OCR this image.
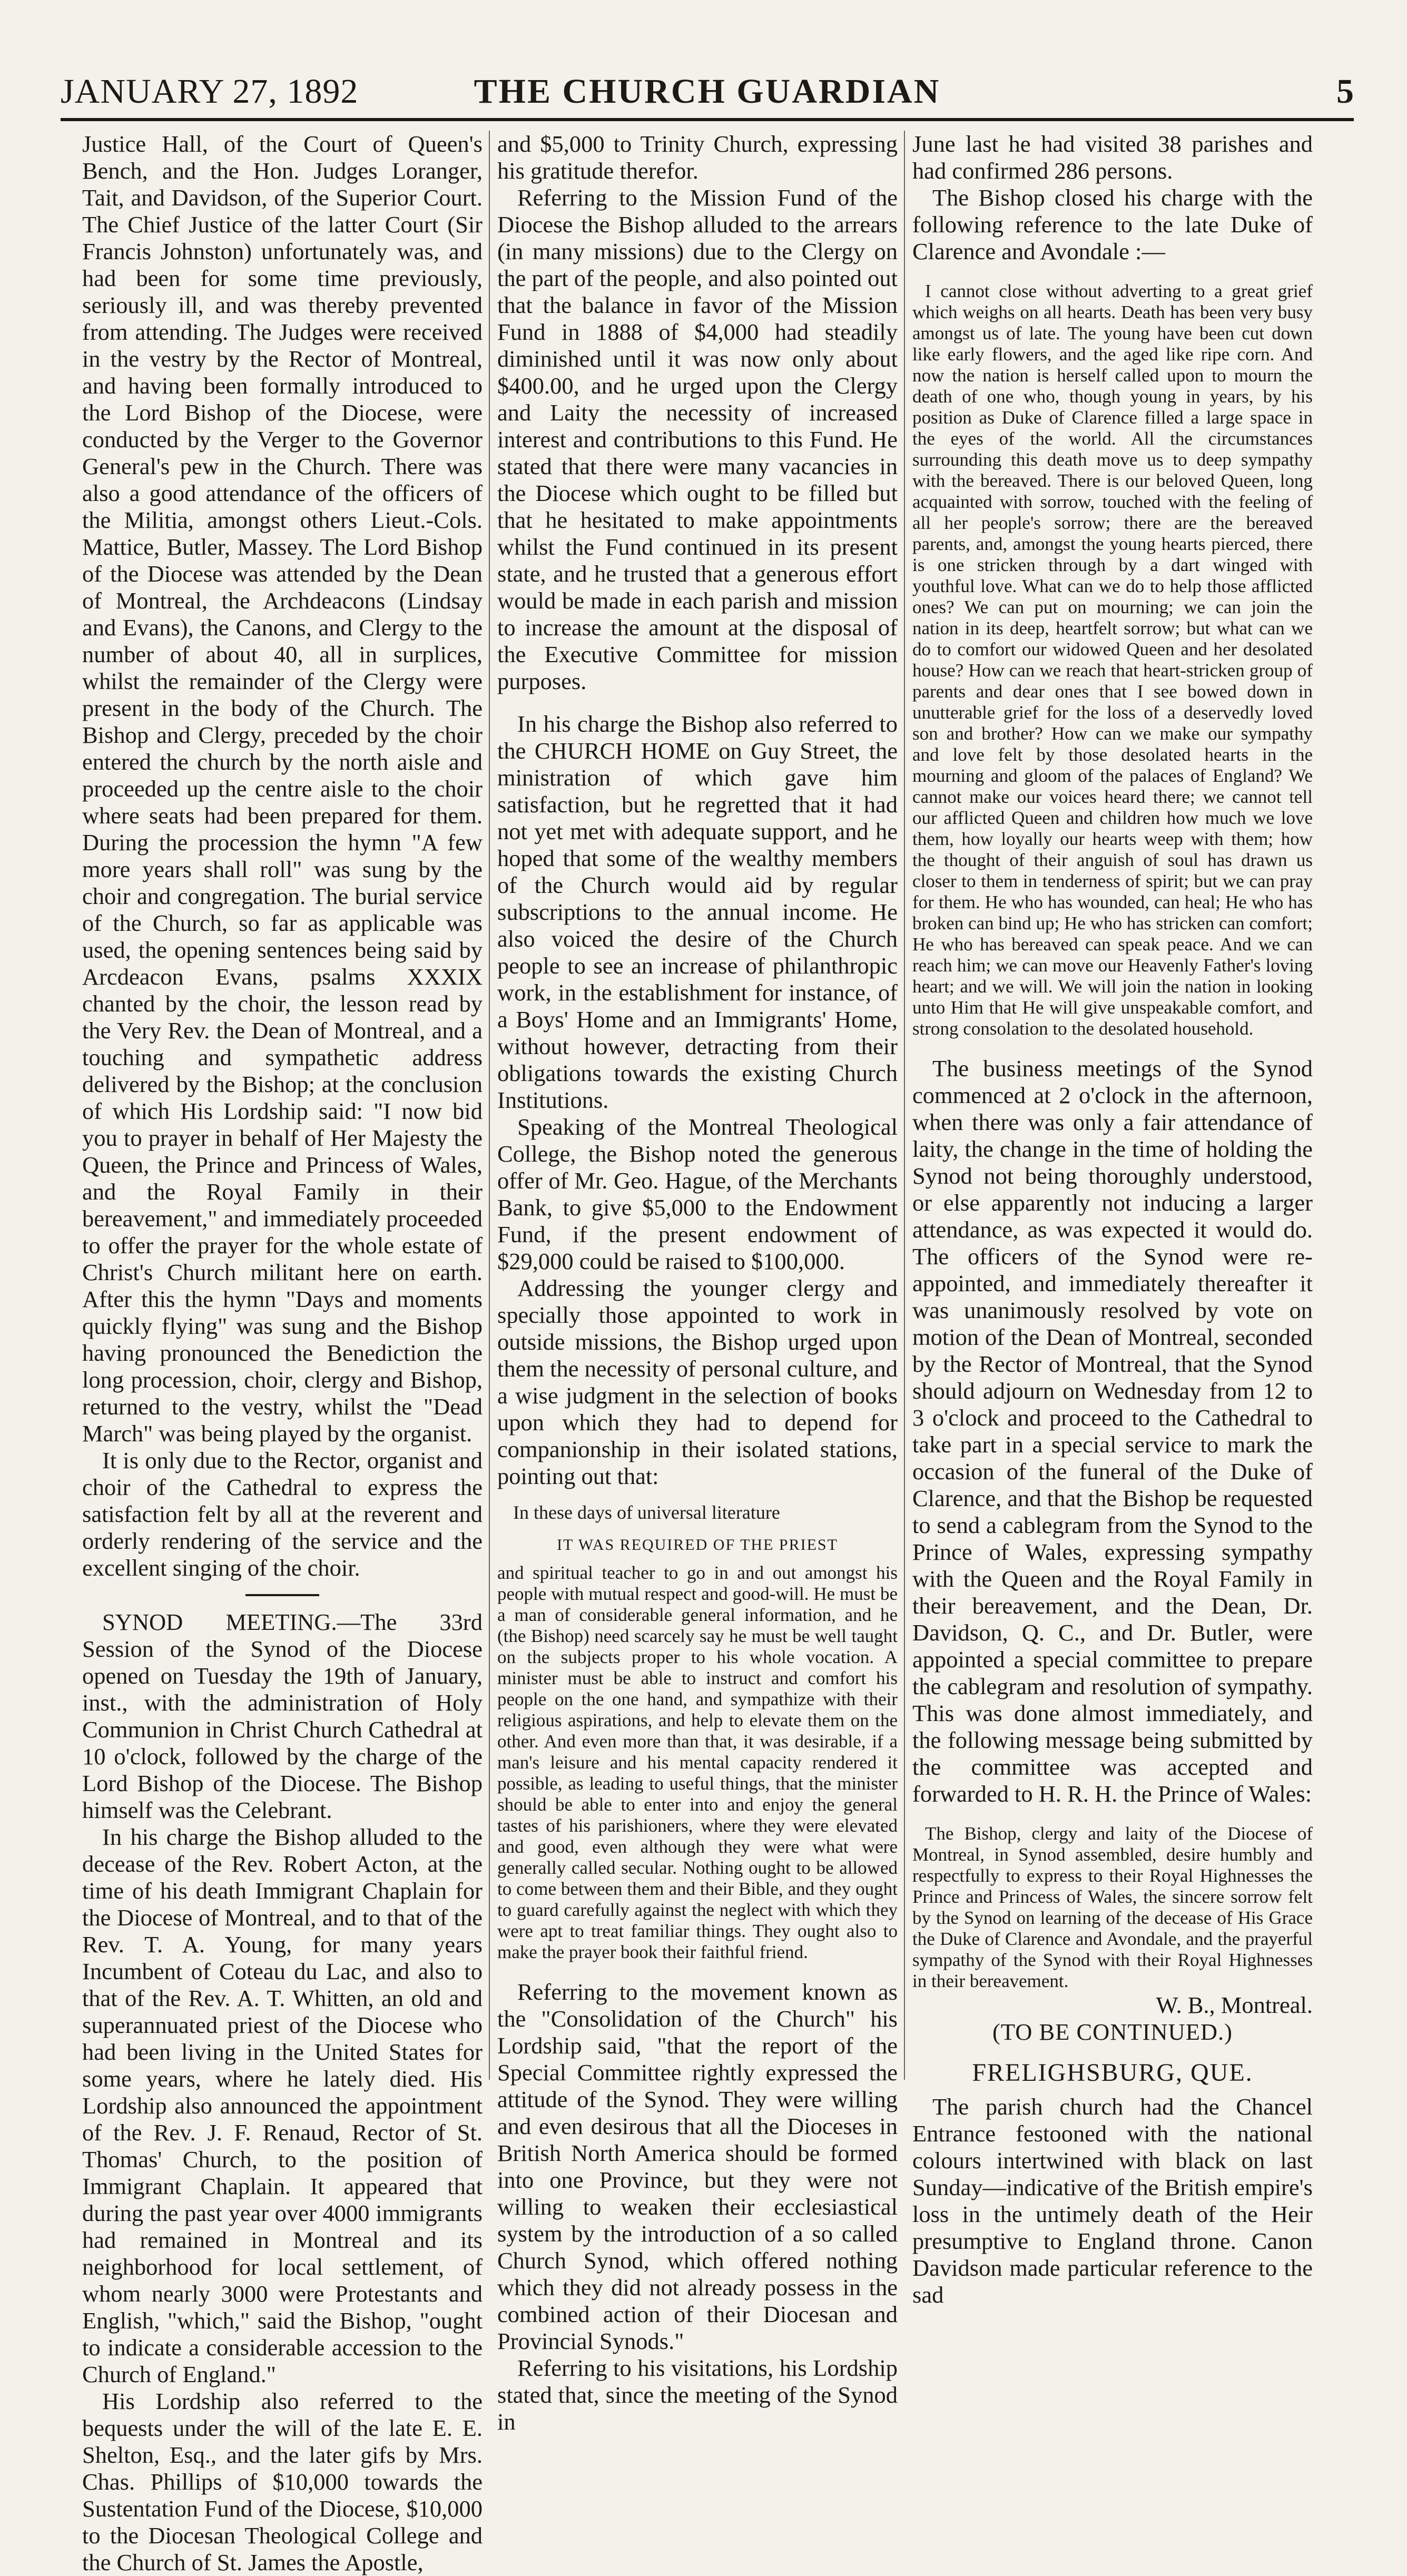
JANUARY 27, 1892	THE CHURCH GUARDIAN	5

Justice Hall, of the Court of Queen's Bench, and the Hon. Judges Loranger, Tait, and Davidson, of the Superior Court. The Chief Justice of the latter Court (Sir Francis Johnston) unfortunately was, and had been for some time previously, seriously ill, and was thereby prevented from attending. The Judges were received in the vestry by the Rector of Montreal, and having been formally introduced to the Lord Bishop of the Diocese, were conducted by the Verger to the Governor General's pew in the Church. There was also a good attendance of the officers of the Militia, amongst others Lieut.-Cols. Mattice, Butler, Massey. The Lord Bishop of the Diocese was attended by the Dean of Montreal, the Archdeacons (Lindsay and Evans), the Canons, and Clergy to the number of about 40, all in surplices, whilst the remainder of the Clergy were present in the body of the Church. The Bishop and Clergy, preceded by the choir entered the church by the north aisle and proceeded up the centre aisle to the choir where seats had been prepared for them. During the procession the hymn "A few more years shall roll" was sung by the choir and congregation. The burial service of the Church, so far as applicable was used, the opening sentences being said by Arcdeacon Evans, psalms XXXIX chanted by the choir, the lesson read by the Very Rev. the Dean of Montreal, and a touching and sympathetic address delivered by the Bishop; at the conclusion of which His Lordship said: "I now bid you to prayer in behalf of Her Majesty the Queen, the Prince and Princess of Wales, and the Royal Family in their bereavement," and immediately proceeded to offer the prayer for the whole estate of Christ's Church militant here on earth. After this the hymn "Days and moments quickly flying" was sung and the Bishop having pronounced the Benediction the long procession, choir, clergy and Bishop, returned to the vestry, whilst the "Dead March" was being played by the organist.

It is only due to the Rector, organist and choir of the Cathedral to express the satisfaction felt by all at the reverent and orderly rendering of the service and the excellent singing of the choir.

SYNOD MEETING.—The 33rd Session of the Synod of the Diocese opened on Tuesday the 19th of January, inst., with the administration of Holy Communion in Christ Church Cathedral at 10 o'clock, followed by the charge of the Lord Bishop of the Diocese. The Bishop himself was the Celebrant.

In his charge the Bishop alluded to the decease of the Rev. Robert Acton, at the time of his death Immigrant Chaplain for the Diocese of Montreal, and to that of the Rev. T. A. Young, for many years Incumbent of Coteau du Lac, and also to that of the Rev. A. T. Whitten, an old and superannuated priest of the Diocese who had been living in the United States for some years, where he lately died. His Lordship also announced the appointment of the Rev. J. F. Renaud, Rector of St. Thomas' Church, to the position of Immigrant Chaplain. It appeared that during the past year over 4000 immigrants had remained in Montreal and its neighborhood for local settlement, of whom nearly 3000 were Protestants and English, "which," said the Bishop, "ought to indicate a considerable accession to the Church of England."

His Lordship also referred to the bequests under the will of the late E. E. Shelton, Esq., and the later gifs by Mrs. Chas. Phillips of $10,000 towards the Sustentation Fund of the Diocese, $10,000 to the Diocesan Theological College and the Church of St. James the Apostle,

and $5,000 to Trinity Church, expressing his gratitude therefor.

Referring to the Mission Fund of the Diocese the Bishop alluded to the arrears (in many missions) due to the Clergy on the part of the people, and also pointed out that the balance in favor of the Mission Fund in 1888 of $4,000 had steadily diminished until it was now only about $400.00, and he urged upon the Clergy and Laity the necessity of increased interest and contributions to this Fund. He stated that there were many vacancies in the Diocese which ought to be filled but that he hesitated to make appointments whilst the Fund continued in its present state, and he trusted that a generous effort would be made in each parish and mission to increase the amount at the disposal of the Executive Committee for mission purposes.

In his charge the Bishop also referred to the CHURCH HOME on Guy Street, the ministration of which gave him satisfaction, but he regretted that it had not yet met with adequate support, and he hoped that some of the wealthy members of the Church would aid by regular subscriptions to the annual income. He also voiced the desire of the Church people to see an increase of philanthropic work, in the establishment for instance, of a Boys' Home and an Immigrants' Home, without however, detracting from their obligations towards the existing Church Institutions.

Speaking of the Montreal Theological College, the Bishop noted the generous offer of Mr. Geo. Hague, of the Merchants Bank, to give $5,000 to the Endowment Fund, if the present endowment of $29,000 could be raised to $100,000.

Addressing the younger clergy and specially those appointed to work in outside missions, the Bishop urged upon them the necessity of personal culture, and a wise judgment in the selection of books upon which they had to depend for companionship in their isolated stations, pointing out that:

In these days of universal literature
IT WAS REQUIRED OF THE PRIEST

and spiritual teacher to go in and out amongst his people with mutual respect and good-will. He must be a man of considerable general information, and he (the Bishop) need scarcely say he must be well taught on the subjects proper to his whole vocation. A minister must be able to instruct and comfort his people on the one hand, and sympathize with their religious aspirations, and help to elevate them on the other. And even more than that, it was desirable, if a man's leisure and his mental capacity rendered it possible, as leading to useful things, that the minister should be able to enter into and enjoy the general tastes of his parishioners, where they were elevated and good, even although they were what were generally called secular. Nothing ought to be allowed to come between them and their Bible, and they ought to guard carefully against the neglect with which they were apt to treat familiar things. They ought also to make the prayer book their faithful friend.

Referring to the movement known as the "Consolidation of the Church" his Lordship said, "that the report of the Special Committee rightly expressed the attitude of the Synod. They were willing and even desirous that all the Dioceses in British North America should be formed into one Province, but they were not willing to weaken their ecclesiastical system by the introduction of a so called Church Synod, which offered nothing which they did not already possess in the combined action of their Diocesan and Provincial Synods."

Referring to his visitations, his Lordship stated that, since the meeting of the Synod in

June last he had visited 38 parishes and had confirmed 286 persons.

The Bishop closed his charge with the following reference to the late Duke of Clarence and Avondale :—

I cannot close without adverting to a great grief which weighs on all hearts. Death has been very busy amongst us of late. The young have been cut down like early flowers, and the aged like ripe corn. And now the nation is herself called upon to mourn the death of one who, though young in years, by his position as Duke of Clarence filled a large space in the eyes of the world. All the circumstances surrounding this death move us to deep sympathy with the bereaved. There is our beloved Queen, long acquainted with sorrow, touched with the feeling of all her people's sorrow; there are the bereaved parents, and, amongst the young hearts pierced, there is one stricken through by a dart winged with youthful love. What can we do to help those afflicted ones? We can put on mourning; we can join the nation in its deep, heartfelt sorrow; but what can we do to comfort our widowed Queen and her desolated house? How can we reach that heart-stricken group of parents and dear ones that I see bowed down in unutterable grief for the loss of a deservedly loved son and brother? How can we make our sympathy and love felt by those desolated hearts in the mourning and gloom of the palaces of England? We cannot make our voices heard there; we cannot tell our afflicted Queen and children how much we love them, how loyally our hearts weep with them; how the thought of their anguish of soul has drawn us closer to them in tenderness of spirit; but we can pray for them. He who has wounded, can heal; He who has broken can bind up; He who has stricken can comfort; He who has bereaved can speak peace. And we can reach him; we can move our Heavenly Father's loving heart; and we will. We will join the nation in looking unto Him that He will give unspeakable comfort, and strong consolation to the desolated household.

The business meetings of the Synod commenced at 2 o'clock in the afternoon, when there was only a fair attendance of laity, the change in the time of holding the Synod not being thoroughly understood, or else apparently not inducing a larger attendance, as was expected it would do. The officers of the Synod were re-appointed, and immediately thereafter it was unanimously resolved by vote on motion of the Dean of Montreal, seconded by the Rector of Montreal, that the Synod should adjourn on Wednesday from 12 to 3 o'clock and proceed to the Cathedral to take part in a special service to mark the occasion of the funeral of the Duke of Clarence, and that the Bishop be requested to send a cablegram from the Synod to the Prince of Wales, expressing sympathy with the Queen and the Royal Family in their bereavement, and the Dean, Dr. Davidson, Q. C., and Dr. Butler, were appointed a special committee to prepare the cablegram and resolution of sympathy. This was done almost immediately, and the following message being submitted by the committee was accepted and forwarded to H. R. H. the Prince of Wales:

The Bishop, clergy and laity of the Diocese of Montreal, in Synod assembled, desire humbly and respectfully to express to their Royal Highnesses the Prince and Princess of Wales, the sincere sorrow felt by the Synod on learning of the decease of His Grace the Duke of Clarence and Avondale, and the prayerful sympathy of the Synod with their Royal Highnesses in their bereavement.

W. B., Montreal.

(TO BE CONTINUED.)

FRELIGHSBURG, QUE.

The parish church had the Chancel Entrance festooned with the national colours intertwined with black on last Sunday—indicative of the British empire's loss in the untimely death of the Heir presumptive to England throne. Canon Davidson made particular reference to the sad
